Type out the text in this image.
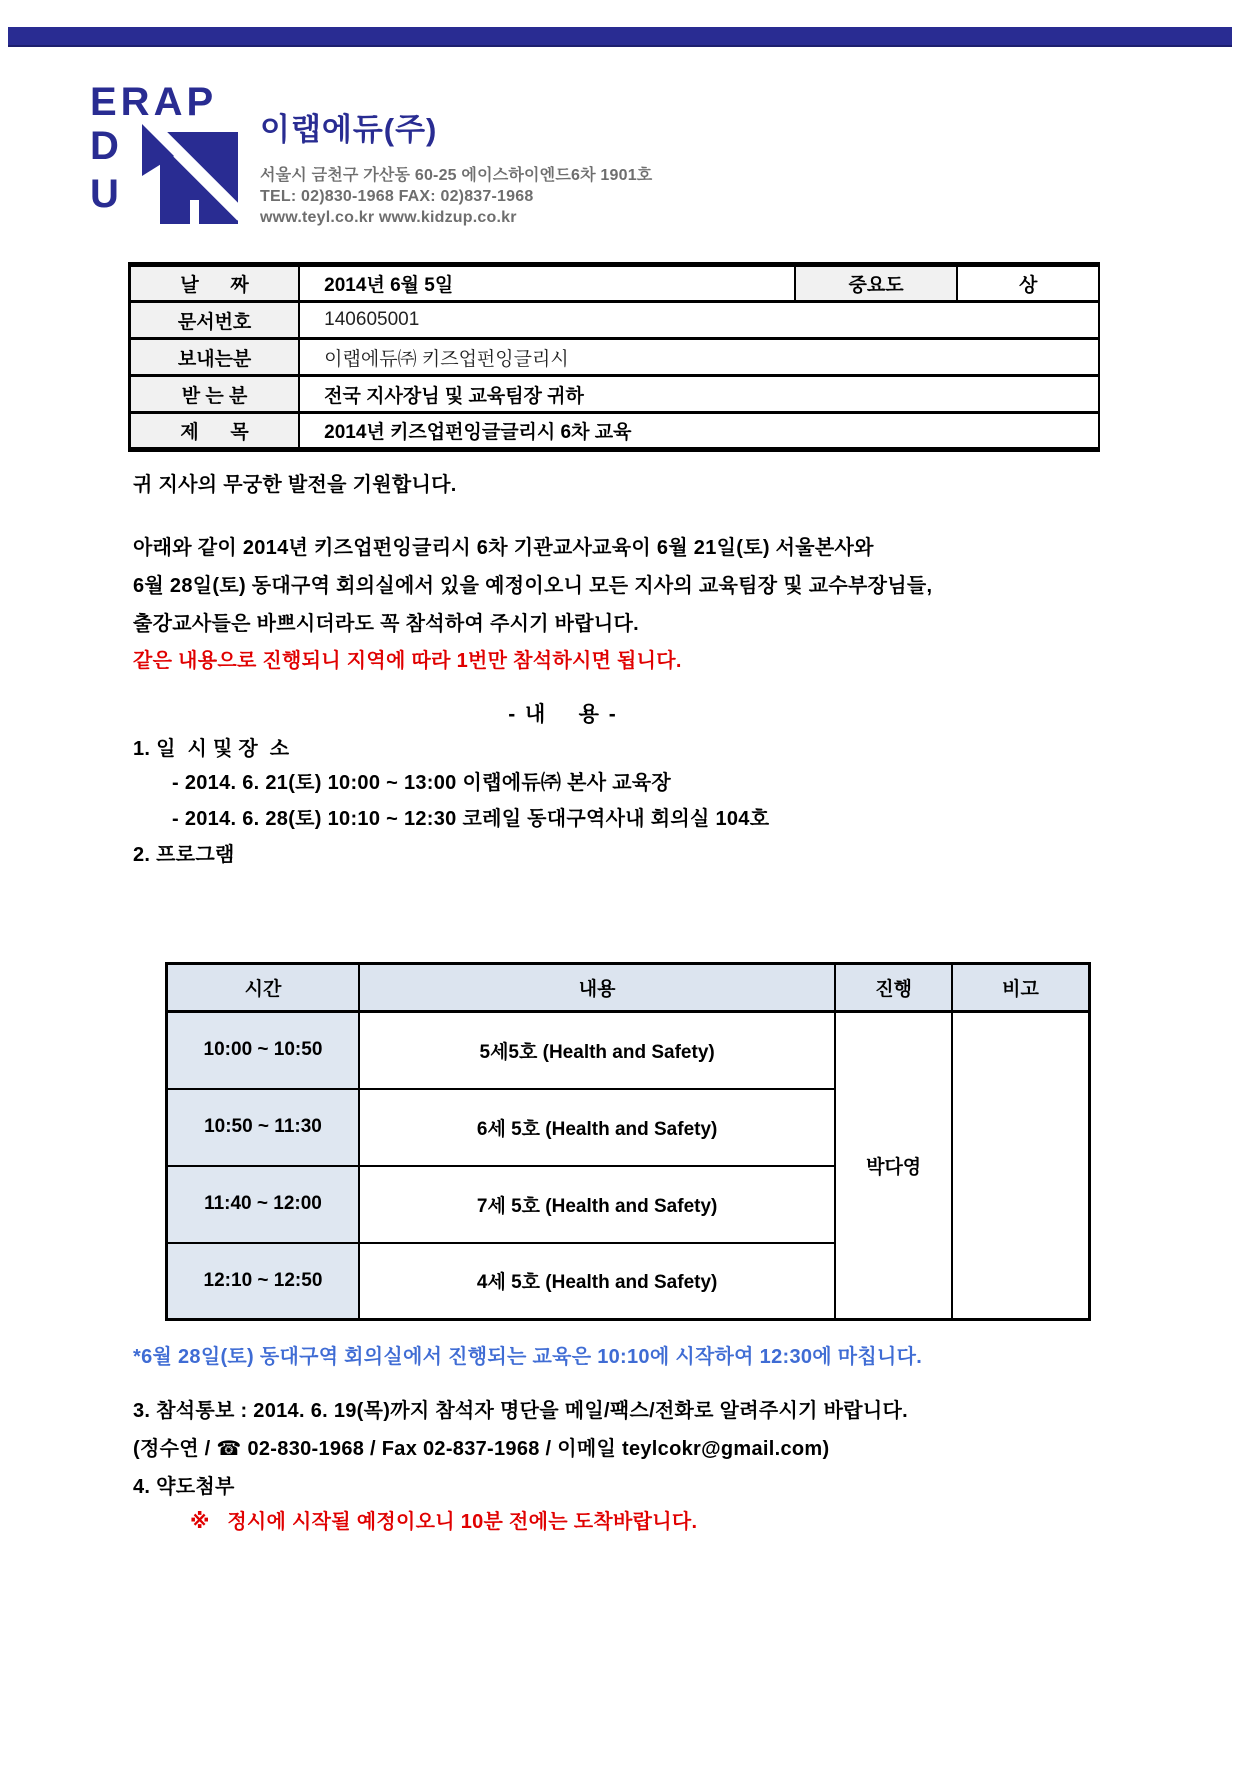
ERAP
D
U
이랩에듀(주)
서울시 금천구 가산동 60-25 에이스하이엔드6차 1901호
TEL: 02)830-1968 FAX: 02)837-1968
www.teyl.co.kr www.kidzup.co.kr
날      짜	2014년 6월 5일	중요도	상
문서번호	140605001		
보내는분	이랩에듀㈜ 키즈업펀잉글리시		
받 는 분	전국 지사장님 및 교육팀장 귀하		
제      목	2014년 키즈업펀잉글글리시 6차 교육		
귀 지사의 무궁한 발전을 기원합니다.
아래와 같이 2014년 키즈업펀잉글리시 6차 기관교사교육이 6월 21일(토) 서울본사와
6월 28일(토) 동대구역 회의실에서 있을 예정이오니 모든 지사의 교육팀장 및 교수부장님들,
출강교사들은 바쁘시더라도 꼭 참석하여 주시기 바랍니다.
같은 내용으로 진행되니 지역에 따라 1번만 참석하시면 됩니다.
- 내    용 -
1. 일  시 및 장  소
- 2014. 6. 21(토) 10:00 ~ 13:00 이랩에듀㈜ 본사 교육장
- 2014. 6. 28(토) 10:10 ~ 12:30 코레일 동대구역사내 회의실 104호
2. 프로그램
시간	내용	진행	비고
10:00 ~ 10:50	5세5호 (Health and Safety)	박다영	
10:50 ~ 11:30	6세 5호 (Health and Safety)		
11:40 ~ 12:00	7세 5호 (Health and Safety)		
12:10 ~ 12:50	4세 5호 (Health and Safety)		
*6월 28일(토) 동대구역 회의실에서 진행되는 교육은 10:10에 시작하여 12:30에 마칩니다.
3. 참석통보 : 2014. 6. 19(목)까지 참석자 명단을 메일/팩스/전화로 알려주시기 바랍니다.
(정수연 / ☎ 02-830-1968 / Fax 02-837-1968 / 이메일 teylcokr@gmail.com)
4. 약도첨부
※   정시에 시작될 예정이오니 10분 전에는 도착바랍니다.
